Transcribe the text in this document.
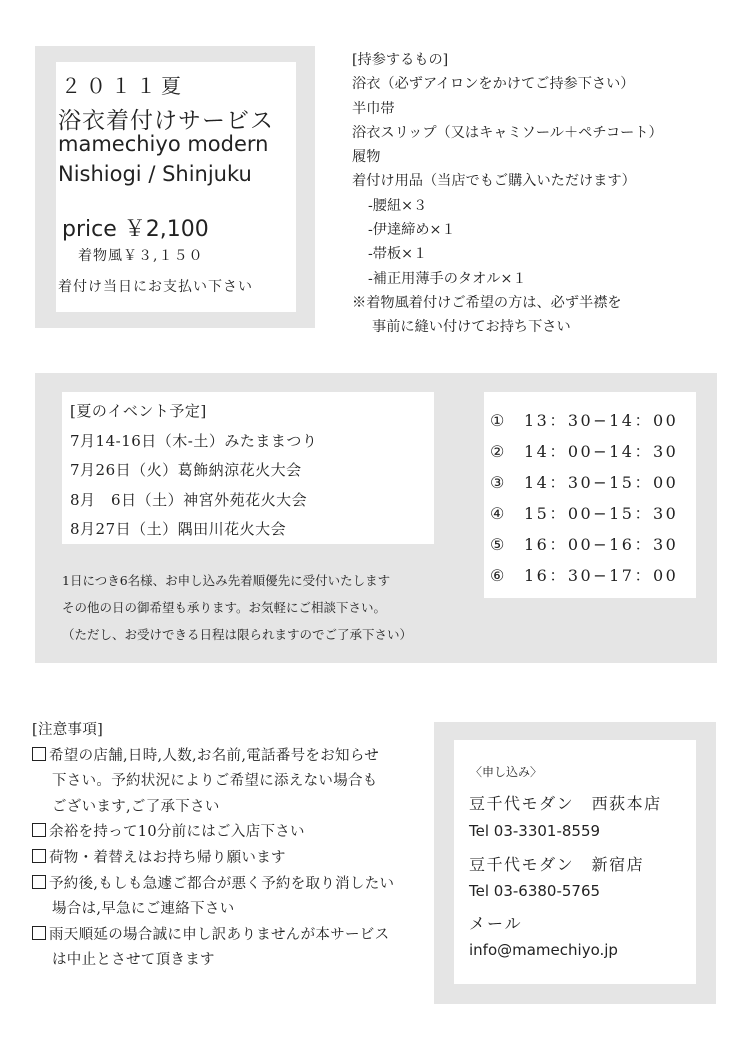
２０１１夏
浴衣着付けサービス
mamechiyo modern
Nishiogi / Shinjuku
price ￥2,100
着物風￥３,１５０
着付け当日にお支払い下さい
[持参するもの]
浴衣（必ずアイロンをかけてご持参下さい）
半巾帯
浴衣スリップ（又はキャミソール＋ペチコート）
履物
着付け用品（当店でもご購入いただけます）
-腰紐×３
-伊達締め×１
-帯板×１
-補正用薄手のタオル×１
※着物風着付けご希望の方は、必ず半襟を
事前に縫い付けてお持ち下さい
[夏のイベント予定]
7月14-16日（木-土）みたままつり
7月26日（火）葛飾納涼花火大会
8月　6日（土）神宮外苑花火大会
8月27日（土）隅田川花火大会
1日につき6名様、お申し込み先着順優先に受付いたします
その他の日の御希望も承ります。お気軽にご相談下さい。
（ただし、お受けできる日程は限られますのでご了承下さい）
① 13：30−14：00
② 14：00−14：30
③ 14：30−15：00
④ 15：00−15：30
⑤ 16：00−16：30
⑥ 16：30−17：00
[注意事項]
希望の店舗,日時,人数,お名前,電話番号をお知らせ
下さい。予約状況によりご希望に添えない場合も
ございます,ご了承下さい
余裕を持って10分前にはご入店下さい
荷物・着替えはお持ち帰り願います
予約後,もしも急遽ご都合が悪く予約を取り消したい
場合は,早急にご連絡下さい
雨天順延の場合誠に申し訳ありませんが本サービス
は中止とさせて頂きます
〈申し込み〉
豆千代モダン　西荻本店
Tel 03-3301-8559
豆千代モダン　新宿店
Tel 03-6380-5765
メール
info@mamechiyo.jp
